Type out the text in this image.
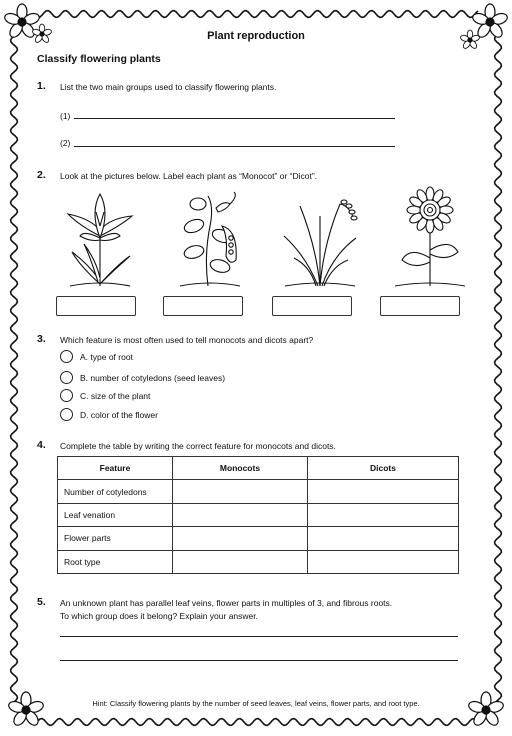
Plant reproduction
Classify flowering plants
1. List the two main groups used to classify flowering plants.
(1)
(2)
2. Look at the pictures below. Label each plant as “Monocot” or “Dicot”.
3. Which feature is most often used to tell monocots and dicots apart?
A. type of root
B. number of cotyledons (seed leaves)
C. size of the plant
D. color of the flower
4. Complete the table by writing the correct feature for monocots and dicots.
Feature	Monocots	Dicots
Number of cotyledons		
Leaf venation		
Flower parts		
Root type		
5. An unknown plant has parallel leaf veins, flower parts in multiples of 3, and fibrous roots.
To which group does it belong? Explain your answer.
Hint: Classify flowering plants by the number of seed leaves, leaf veins, flower parts, and root type.
